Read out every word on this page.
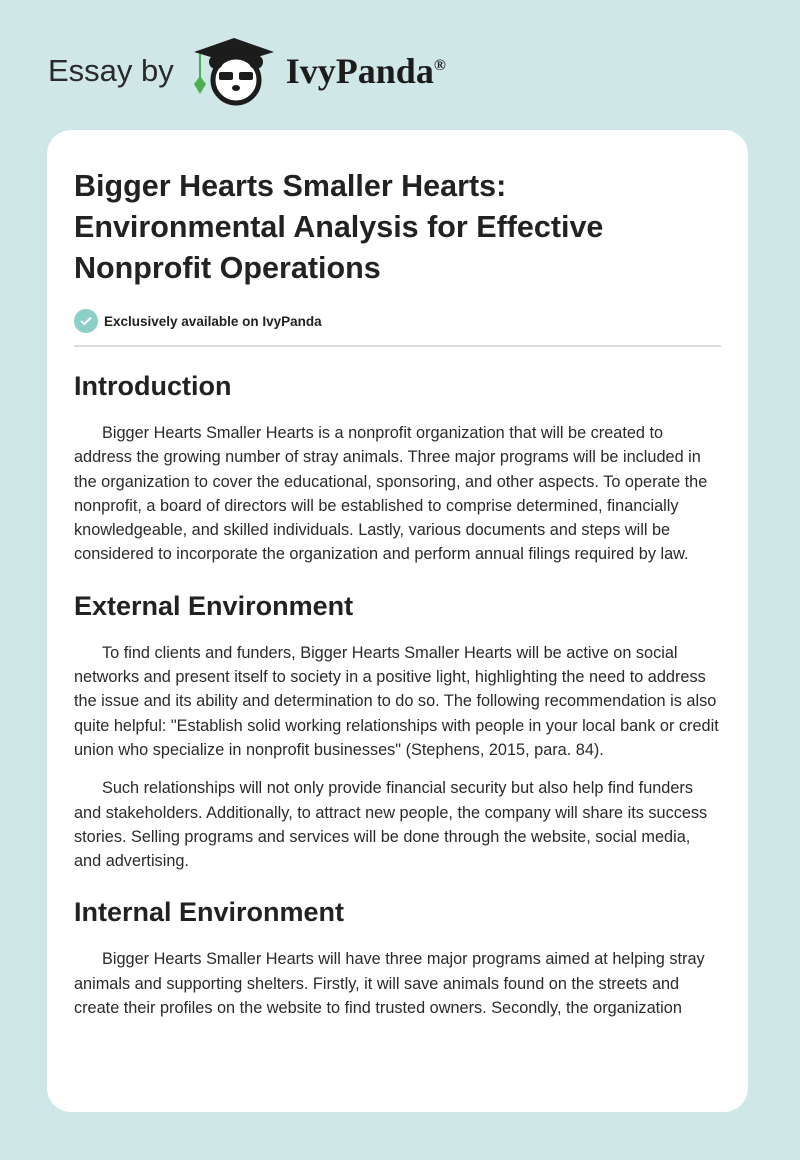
Essay by	IvyPanda®
Bigger Hearts Smaller Hearts: Environmental Analysis for Effective Nonprofit Operations
Exclusively available on IvyPanda
Introduction

Bigger Hearts Smaller Hearts is a nonprofit organization that will be created to address the growing number of stray animals. Three major programs will be included in the organization to cover the educational, sponsoring, and other aspects. To operate the nonprofit, a board of directors will be established to comprise determined, financially knowledgeable, and skilled individuals. Lastly, various documents and steps will be considered to incorporate the organization and perform annual filings required by law.

External Environment

To find clients and funders, Bigger Hearts Smaller Hearts will be active on social networks and present itself to society in a positive light, highlighting the need to address the issue and its ability and determination to do so. The following recommendation is also quite helpful: "Establish solid working relationships with people in your local bank or credit union who specialize in nonprofit businesses" (Stephens, 2015, para. 84).

Such relationships will not only provide financial security but also help find funders and stakeholders. Additionally, to attract new people, the company will share its success stories. Selling programs and services will be done through the website, social media, and advertising.

Internal Environment

Bigger Hearts Smaller Hearts will have three major programs aimed at helping stray animals and supporting shelters. Firstly, it will save animals found on the streets and create their profiles on the website to find trusted owners. Secondly, the organization
